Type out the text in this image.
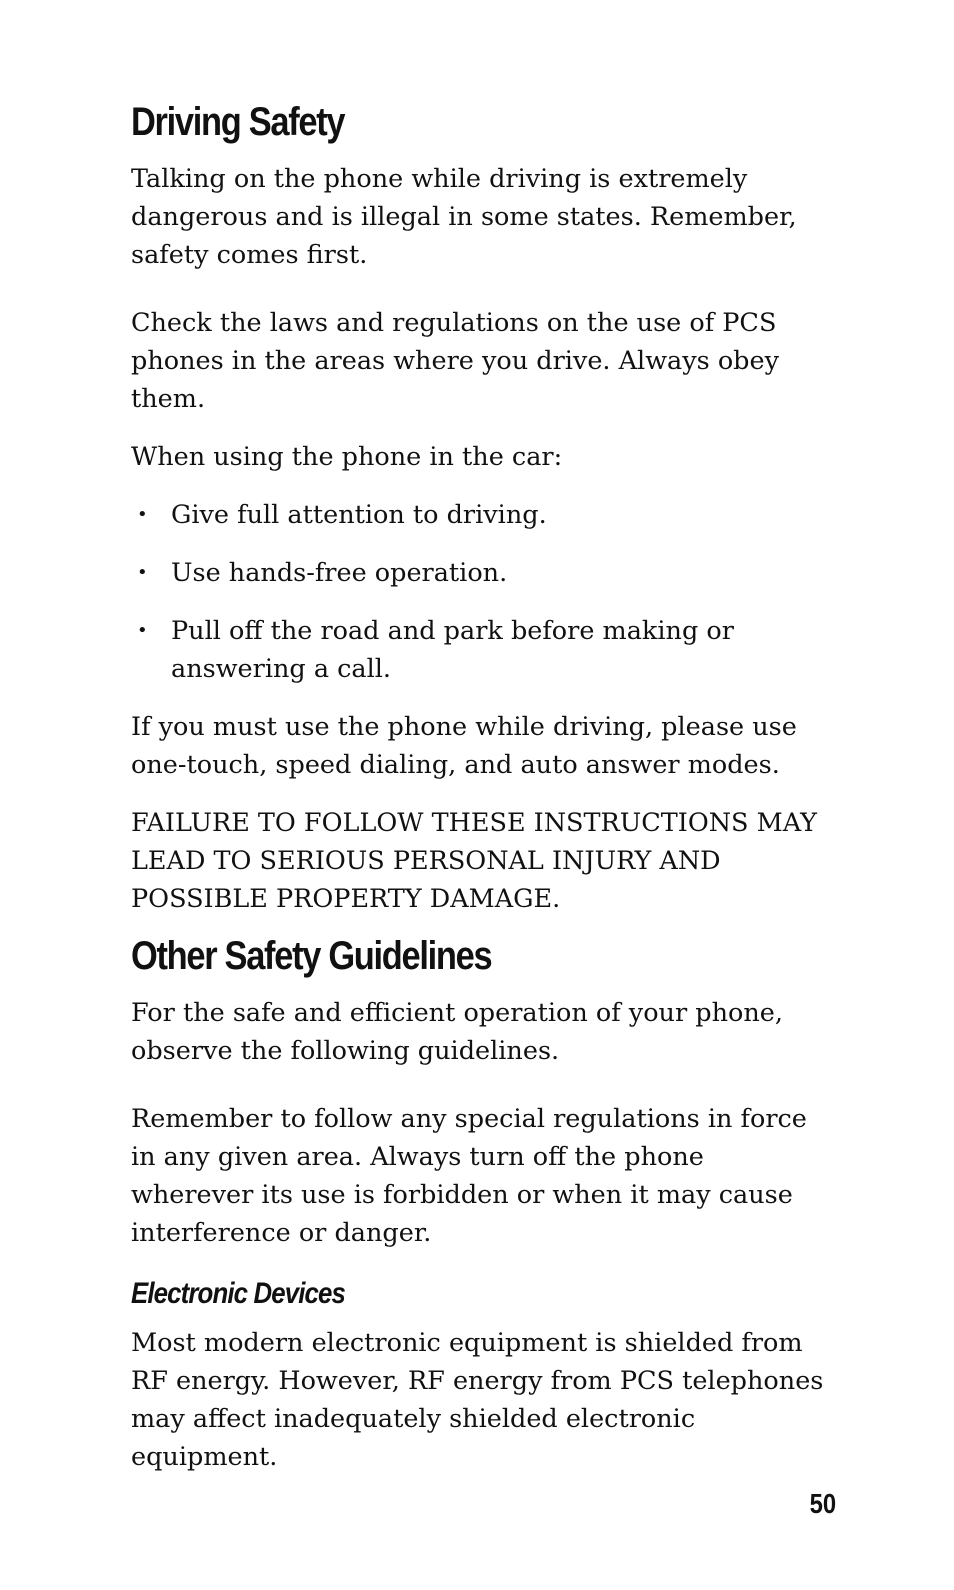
Driving Safety

Talking on the phone while driving is extremely dangerous and is illegal in some states. Remember, safety comes first.

Check the laws and regulations on the use of PCS phones in the areas where you drive. Always obey them.

When using the phone in the car:

• Give full attention to driving.
• Use hands-free operation.
• Pull off the road and park before making or answering a call.

If you must use the phone while driving, please use one-touch, speed dialing, and auto answer modes.

FAILURE TO FOLLOW THESE INSTRUCTIONS MAY LEAD TO SERIOUS PERSONAL INJURY AND POSSIBLE PROPERTY DAMAGE.

Other Safety Guidelines

For the safe and efficient operation of your phone, observe the following guidelines.

Remember to follow any special regulations in force in any given area. Always turn off the phone wherever its use is forbidden or when it may cause interference or danger.

Electronic Devices

Most modern electronic equipment is shielded from RF energy. However, RF energy from PCS telephones may affect inadequately shielded electronic equipment.

50
